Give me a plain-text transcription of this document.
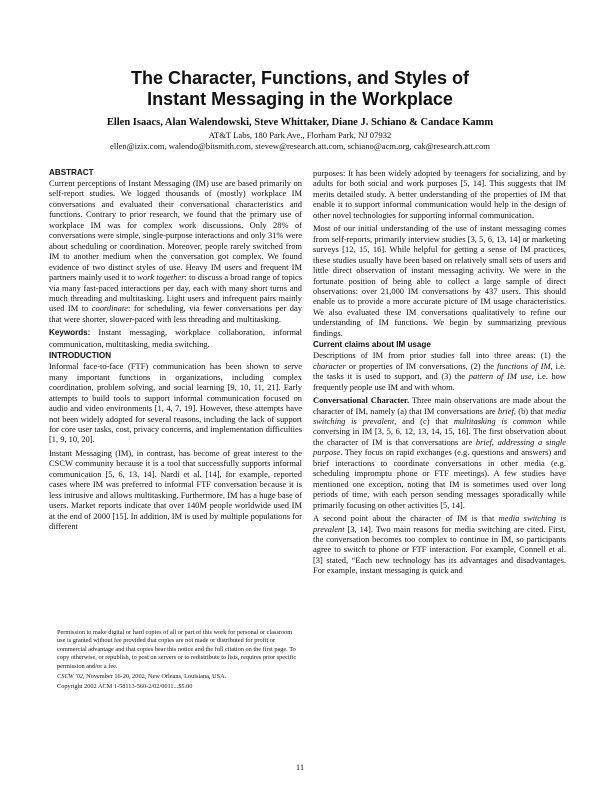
The Character, Functions, and Styles of
Instant Messaging in the Workplace
Ellen Isaacs, Alan Walendowski, Steve Whittaker, Diane J. Schiano & Candace Kamm
AT&T Labs, 180 Park Ave., Florham Park, NJ 07932
ellen@izix.com, walendo@bitsmith.com, stevew@research.att.com, schiano@acm.org, cak@research.att.com
ABSTRACT

Current perceptions of Instant Messaging (IM) use are based primarily on self-report studies. We logged thousands of (mostly) workplace IM conversations and evaluated their conversational characteristics and functions. Contrary to prior research, we found that the primary use of workplace IM was for complex work discussions. Only 28% of conversations were simple, single-purpose interactions and only 31% were about scheduling or coordination. Moreover, people rarely switched from IM to another medium when the conversation got complex. We found evidence of two distinct styles of use. Heavy IM users and frequent IM partners mainly used it to work together: to discuss a broad range of topics via many fast-paced interactions per day, each with many short turns and much threading and multitasking. Light users and infrequent pairs mainly used IM to coordinate: for scheduling, via fewer conversations per day that were shorter, slower-paced with less threading and multitasking.

Keywords: Instant messaging, workplace collaboration, informal communication, multitasking, media switching.

INTRODUCTION

Informal face-to-face (FTF) communication has been shown to serve many important functions in organizations, including complex coordination, problem solving, and social learning [9, 10, 11, 21]. Early attempts to build tools to support informal communication focused on audio and video environments [1, 4, 7, 19]. However, these attempts have not been widely adopted for several reasons, including the lack of support for core user tasks, cost, privacy concerns, and implementation difficulties [1, 9, 10, 20].

Instant Messaging (IM), in contrast, has become of great interest to the CSCW community because it is a tool that successfully supports informal communication [5, 6, 13, 14]. Nardi et al. [14], for example, reported cases where IM was preferred to informal FTF conversation because it is less intrusive and allows multitasking. Furthermore, IM has a huge base of users. Market reports indicate that over 140M people worldwide used IM at the end of 2000 [15]. In addition, IM is used by multiple populations for different

Permission to make digital or hard copies of all or part of this work for personal or classroom use is granted without fee provided that copies are not made or distributed for profit or commercial advantage and that copies bear this notice and the full citation on the first page. To copy otherwise, or republish, to post on servers or to redistribute to lists, requires prior specific permission and/or a fee.

CSCW '02, November 16-20, 2002, New Orleans, Louisiana, USA.

Copyright 2002 ACM 1-58113-560-2/02/0011...$5.00

purposes: It has been widely adopted by teenagers for socializing, and by adults for both social and work purposes [5, 14]. This suggests that IM merits detailed study. A better understanding of the properties of IM that enable it to support informal communication would help in the design of other novel technologies for supporting informal communication.

Most of our initial understanding of the use of instant messaging comes from self-reports, primarily interview studies [3, 5, 6, 13, 14] or marketing surveys [12, 15, 16]. While helpful for getting a sense of IM practices, these studies usually have been based on relatively small sets of users and little direct observation of instant messaging activity. We were in the fortunate position of being able to collect a large sample of direct observations: over 21,000 IM conversations by 437 users. This should enable us to provide a more accurate picture of IM usage characteristics. We also evaluated these IM conversations qualitatively to refine our understanding of IM functions. We begin by summarizing previous findings.

Current claims about IM usage

Descriptions of IM from prior studies fall into three areas: (1) the character or properties of IM conversations, (2) the functions of IM, i.e. the tasks it is used to support, and (3) the pattern of IM use, i.e. how frequently people use IM and with whom.

Conversational Character. Three main observations are made about the character of IM, namely (a) that IM conversations are brief, (b) that media switching is prevalent, and (c) that multitasking is common while conversing in IM [3, 5, 6, 12, 13, 14, 15, 16]. The first observation about the character of IM is that conversations are brief, addressing a single purpose. They focus on rapid exchanges (e.g. questions and answers) and brief interactions to coordinate conversations in other media (e.g. scheduling impromptu phone or FTF meetings). A few studies have mentioned one exception, noting that IM is sometimes used over long periods of time, with each person sending messages sporadically while primarily focusing on other activities [5, 14].

A second point about the character of IM is that media switching is prevalent [3, 14]. Two main reasons for media switching are cited. First, the conversation becomes too complex to continue in IM, so participants agree to switch to phone or FTF interaction. For example, Connell et al. [3] stated, “Each new technology has its advantages and disadvantages. For example, instant messaging is quick and

11
